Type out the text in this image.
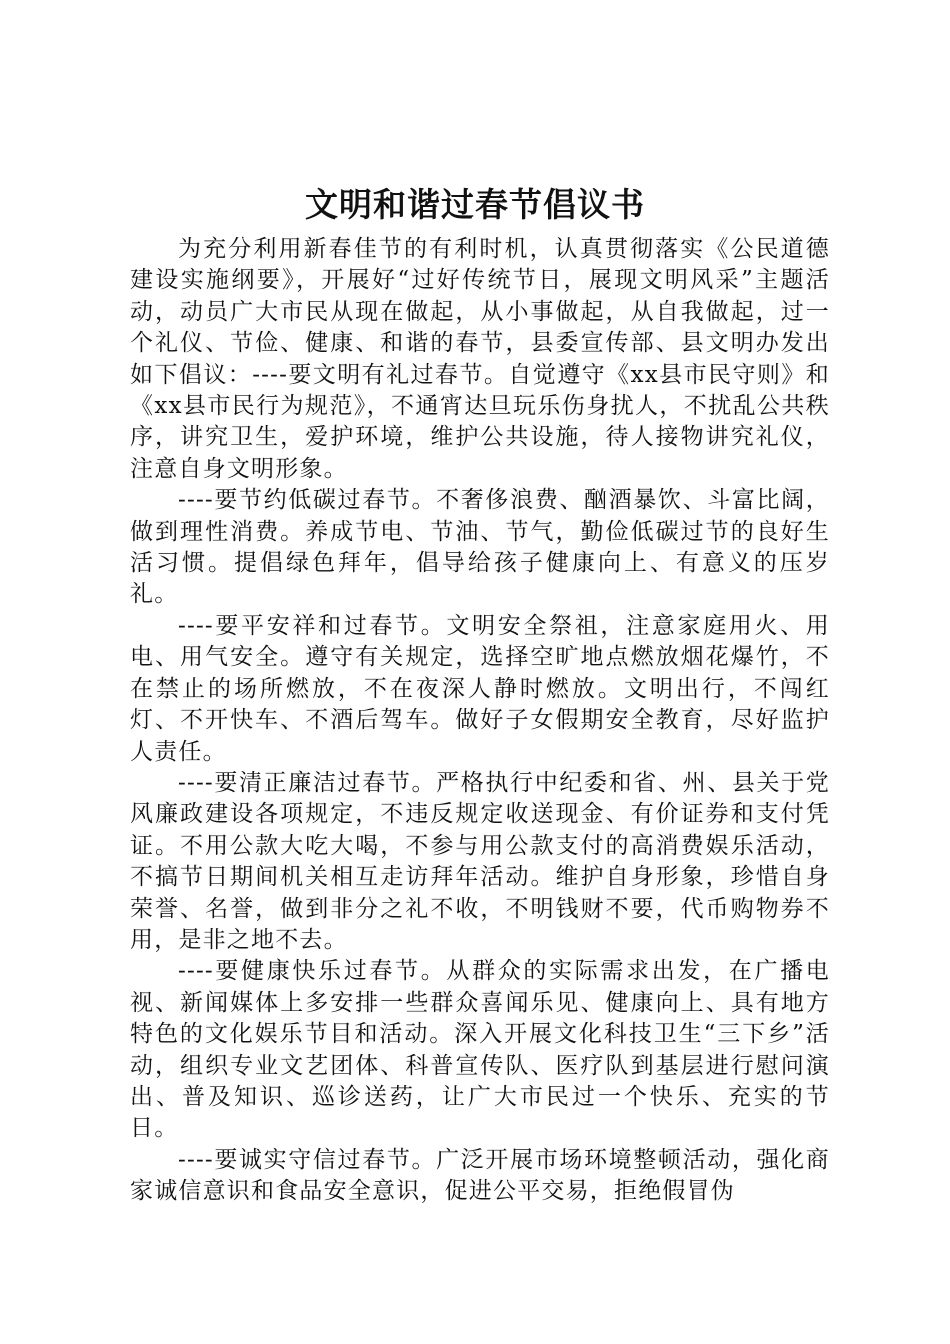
文明和谐过春节倡议书

为充分利用新春佳节的有利时机，认真贯彻落实《公民道德建设实施纲要》，开展好“过好传统节日，展现文明风采”主题活动，动员广大市民从现在做起，从小事做起，从自我做起，过一个礼仪、节俭、健康、和谐的春节，县委宣传部、县文明办发出如下倡议：----要文明有礼过春节。自觉遵守《xx县市民守则》和《xx县市民行为规范》，不通宵达旦玩乐伤身扰人，不扰乱公共秩序，讲究卫生，爱护环境，维护公共设施，待人接物讲究礼仪，注意自身文明形象。

----要节约低碳过春节。不奢侈浪费、酗酒暴饮、斗富比阔，做到理性消费。养成节电、节油、节气，勤俭低碳过节的良好生活习惯。提倡绿色拜年，倡导给孩子健康向上、有意义的压岁礼。

----要平安祥和过春节。文明安全祭祖，注意家庭用火、用电、用气安全。遵守有关规定，选择空旷地点燃放烟花爆竹，不在禁止的场所燃放，不在夜深人静时燃放。文明出行，不闯红灯、不开快车、不酒后驾车。做好子女假期安全教育，尽好监护人责任。

----要清正廉洁过春节。严格执行中纪委和省、州、县关于党风廉政建设各项规定，不违反规定收送现金、有价证券和支付凭证。不用公款大吃大喝，不参与用公款支付的高消费娱乐活动，不搞节日期间机关相互走访拜年活动。维护自身形象，珍惜自身荣誉、名誉，做到非分之礼不收，不明钱财不要，代币购物券不用，是非之地不去。

----要健康快乐过春节。从群众的实际需求出发，在广播电视、新闻媒体上多安排一些群众喜闻乐见、健康向上、具有地方特色的文化娱乐节目和活动。深入开展文化科技卫生“三下乡”活动，组织专业文艺团体、科普宣传队、医疗队到基层进行慰问演出、普及知识、巡诊送药，让广大市民过一个快乐、充实的节日。

----要诚实守信过春节。广泛开展市场环境整顿活动，强化商家诚信意识和食品安全意识，促进公平交易，拒绝假冒伪
